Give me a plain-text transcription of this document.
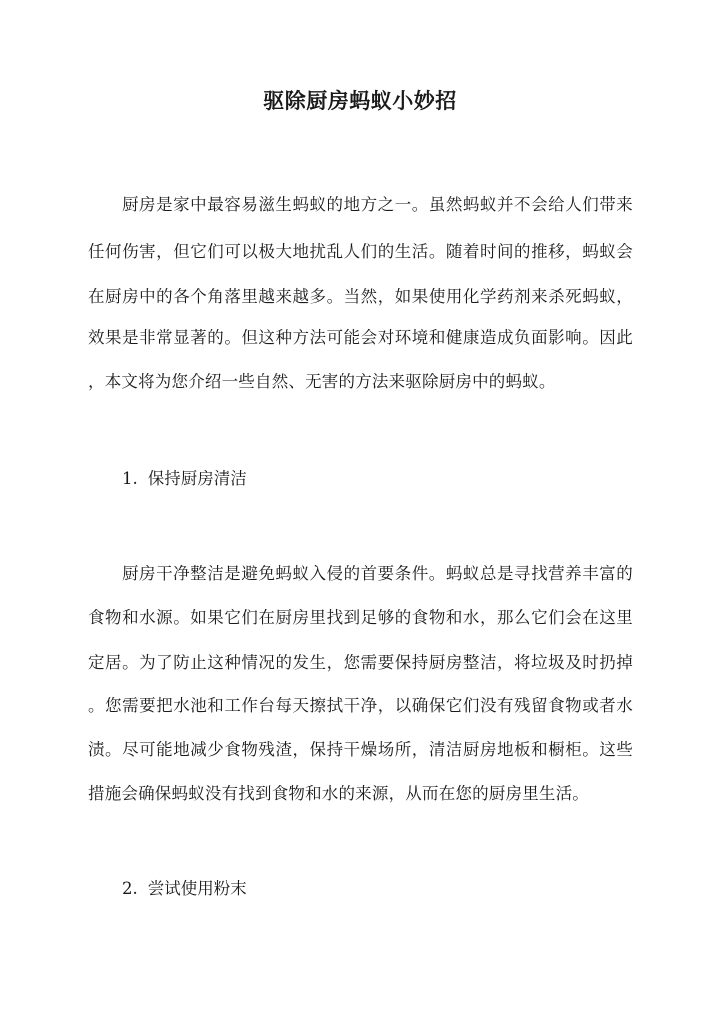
驱除厨房蚂蚁小妙招
厨房是家中最容易滋生蚂蚁的地方之一。虽然蚂蚁并不会给人们带来
任何伤害，但它们可以极大地扰乱人们的生活。随着时间的推移，蚂蚁会
在厨房中的各个角落里越来越多。当然，如果使用化学药剂来杀死蚂蚁，
效果是非常显著的。但这种方法可能会对环境和健康造成负面影响。因此
，本文将为您介绍一些自然、无害的方法来驱除厨房中的蚂蚁。
1. 保持厨房清洁
厨房干净整洁是避免蚂蚁入侵的首要条件。蚂蚁总是寻找营养丰富的
食物和水源。如果它们在厨房里找到足够的食物和水，那么它们会在这里
定居。为了防止这种情况的发生，您需要保持厨房整洁，将垃圾及时扔掉
。您需要把水池和工作台每天擦拭干净，以确保它们没有残留食物或者水
渍。尽可能地减少食物残渣，保持干燥场所，清洁厨房地板和橱柜。这些
措施会确保蚂蚁没有找到食物和水的来源，从而在您的厨房里生活。
2. 尝试使用粉末
